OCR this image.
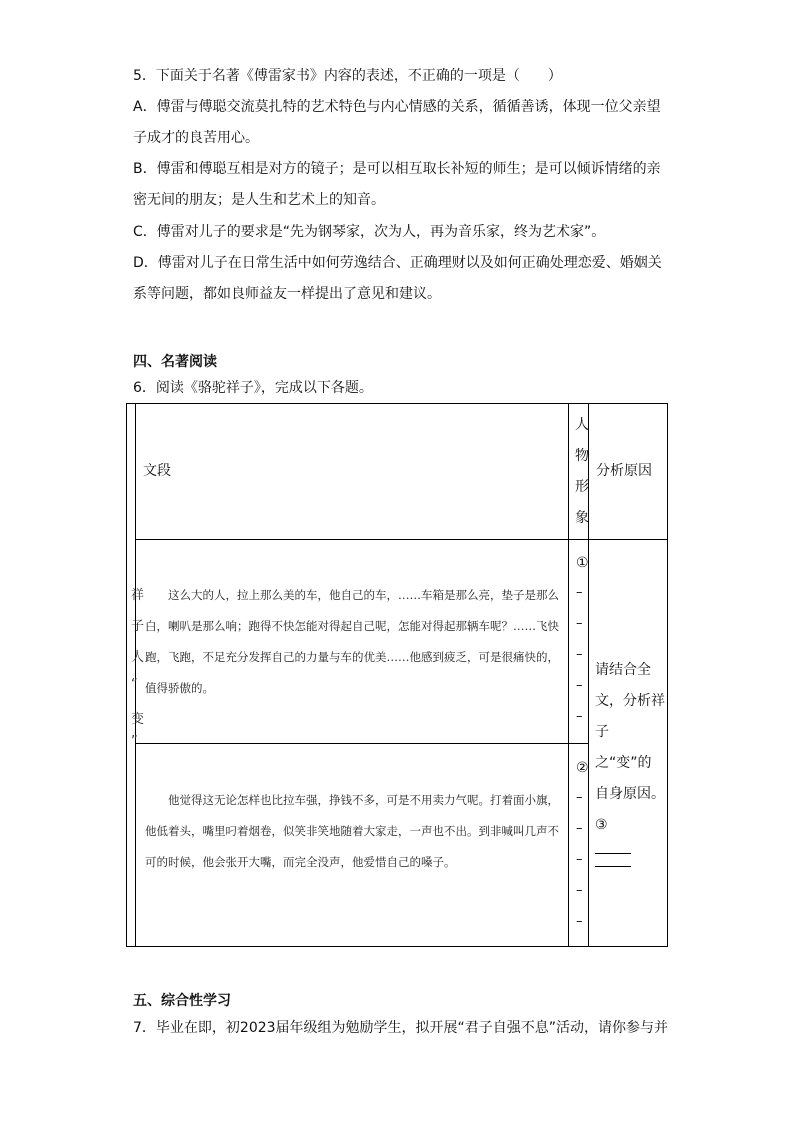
5．下面关于名著《傅雷家书》内容的表述，不正确的一项是（　　）
A．傅雷与傅聪交流莫扎特的艺术特色与内心情感的关系，循循善诱，体现一位父亲望
子成才的良苦用心。
B．傅雷和傅聪互相是对方的镜子；是可以相互取长补短的师生；是可以倾诉情绪的亲
密无间的朋友；是人生和艺术上的知音。
C．傅雷对儿子的要求是“先为钢琴家，次为人，再为音乐家，终为艺术家”。
D．傅雷对儿子在日常生活中如何劳逸结合、正确理财以及如何正确处理恋爱、婚姻关
系等问题，都如良师益友一样提出了意见和建议。
四、名著阅读
6．阅读《骆驼祥子》，完成以下各题。
文段
人
物
形
象
分析原因
祥
子
人
“
变
”
这么大的人，拉上那么美的车，他自己的车，……车箱是那么亮，垫子是那么白，喇叭是那么响；跑得不快怎能对得起自己呢，怎能对得起那辆车呢？……飞快跑，飞跑，不足充分发挥自己的力量与车的优美……他感到疲乏，可是很痛快的，值得骄傲的。
他觉得这无论怎样也比拉车强，挣钱不多，可是不用卖力气呢。打着面小旗，他低着头，嘴里叼着烟卷，似笑非笑地随着大家走，一声也不出。到非喊叫几声不可的时候，他会张开大嘴，而完全没声，他爱惜自己的嗓子。
①
–
–
–
–
–
②
–
–
–
–
–
请结合全
文，分析祥
子之“变”的
自身原因。
③
五、综合性学习
7．毕业在即，初2023届年级组为勉励学生，拟开展“君子自强不息”活动，请你参与并
